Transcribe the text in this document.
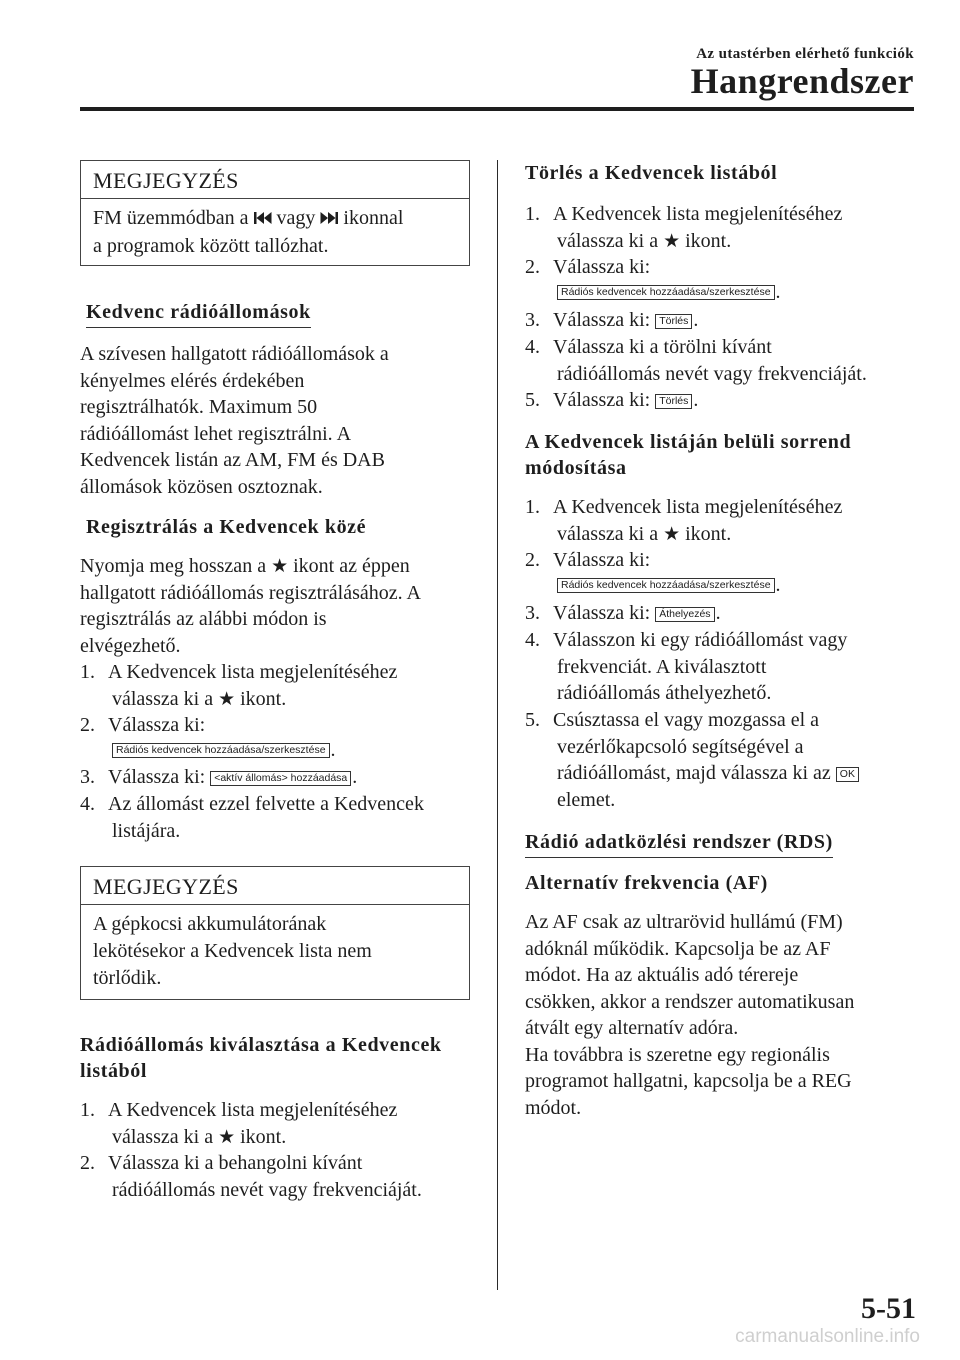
Az utastérben elérhető funkciók
Hangrendszer
MEGJEGYZÉS
FM üzemmódban a vagy ikonnal
a programok között tallózhat.
Kedvenc rádióállomások
A szívesen hallgatott rádióállomások a
kényelmes elérés érdekében
regisztrálhatók. Maximum 50
rádióállomást lehet regisztrálni. A
Kedvencek listán az AM, FM és DAB
állomások közösen osztoznak.
Regisztrálás a Kedvencek közé
Nyomja meg hosszan a ★ ikont az éppen
hallgatott rádióállomás regisztrálásához. A
regisztrálás az alábbi módon is
elvégezhető.
1. A Kedvencek lista megjelenítéséhez
válassza ki a ★ ikont.
2. Válassza ki:
Rádiós kedvencek hozzáadása/szerkesztése .
3. Válassza ki: <aktív állomás> hozzáadása .
4. Az állomást ezzel felvette a Kedvencek
listájára.
MEGJEGYZÉS
A gépkocsi akkumulátorának
lekötésekor a Kedvencek lista nem
törlődik.
Rádióállomás kiválasztása a Kedvencek
listából
1. A Kedvencek lista megjelenítéséhez
válassza ki a ★ ikont.
2. Válassza ki a behangolni kívánt
rádióállomás nevét vagy frekvenciáját.
Törlés a Kedvencek listából
1. A Kedvencek lista megjelenítéséhez
válassza ki a ★ ikont.
2. Válassza ki:
Rádiós kedvencek hozzáadása/szerkesztése .
3. Válassza ki: Törlés .
4. Válassza ki a törölni kívánt
rádióállomás nevét vagy frekvenciáját.
5. Válassza ki: Törlés .
A Kedvencek listáján belüli sorrend
módosítása
1. A Kedvencek lista megjelenítéséhez
válassza ki a ★ ikont.
2. Válassza ki:
Rádiós kedvencek hozzáadása/szerkesztése .
3. Válassza ki: Áthelyezés .
4. Válasszon ki egy rádióállomást vagy
frekvenciát. A kiválasztott
rádióállomás áthelyezhető.
5. Csúsztassa el vagy mozgassa el a
vezérlőkapcsoló segítségével a
rádióállomást, majd válassza ki az OK
elemet.
Rádió adatközlési rendszer (RDS)
Alternatív frekvencia (AF)
Az AF csak az ultrarövid hullámú (FM)
adóknál működik. Kapcsolja be az AF
módot. Ha az aktuális adó térereje
csökken, akkor a rendszer automatikusan
átvált egy alternatív adóra.
Ha továbbra is szeretne egy regionális
programot hallgatni, kapcsolja be a REG
módot.
5-51
carmanualsonline.info
